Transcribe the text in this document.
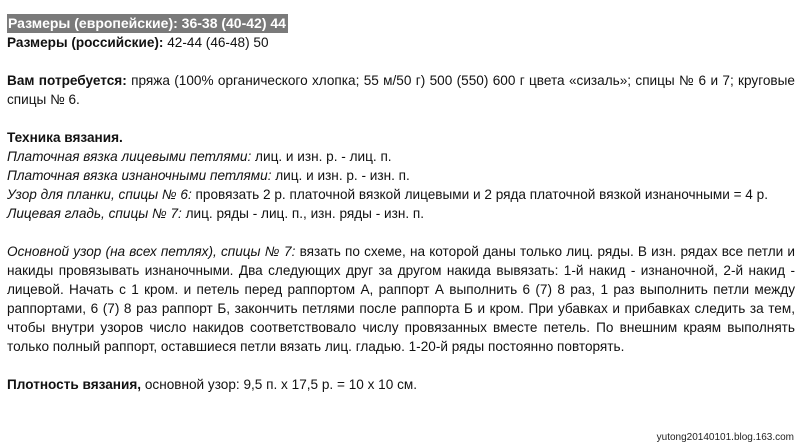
Размеры (европейские): 36-38 (40-42) 44
Размеры (российские): 42-44 (46-48) 50
Вам потребуется: пряжа (100% органического хлопка; 55 м/50 г) 500 (550) 600 г цвета «сизаль»; спицы № 6 и 7; круговые спицы № 6.
Техника вязания.
Платочная вязка лицевыми петлями: лиц. и изн. р. - лиц. п.
Платочная вязка изнаночными петлями: лиц. и изн. р. - изн. п.
Узор для планки, спицы № 6: провязать 2 р. платочной вязкой лицевыми и 2 ряда платочной вязкой изнаночными = 4 р.
Лицевая гладь, спицы № 7: лиц. ряды - лиц. п., изн. ряды - изн. п.
Основной узор (на всех петлях), спицы № 7: вязать по схеме, на которой даны только лиц. ряды. В изн. рядах все петли и накиды провязывать изнаночными. Два следующих друг за другом накида вывязать: 1-й накид - изнаночной, 2-й накид - лицевой. Начать с 1 кром. и петель перед раппортом А, раппорт А выполнить 6 (7) 8 раз, 1 раз выполнить петли между раппортами, 6 (7) 8 раз раппорт Б, закончить петлями после раппорта Б и кром. При убавках и прибавках следить за тем, чтобы внутри узоров число накидов соответствовало числу провязанных вместе петель. По внешним краям выполнять только полный раппорт, оставшиеся петли вязать лиц. гладью. 1-20-й ряды постоянно повторять.
Плотность вязания, основной узор: 9,5 п. х 17,5 р. = 10 х 10 см.
yutong20140101.blog.163.com
